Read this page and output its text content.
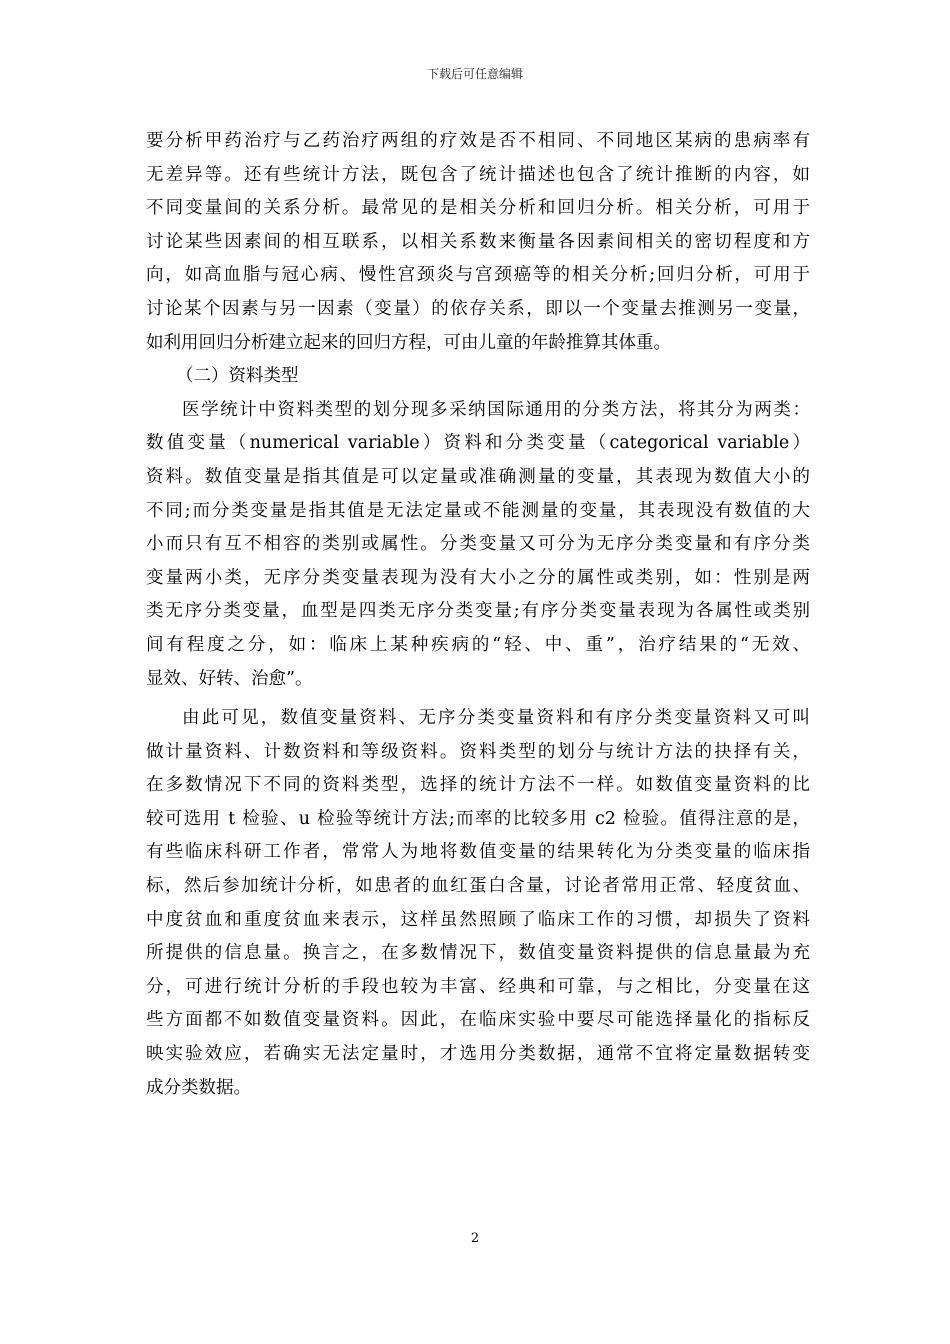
下载后可任意编辑
要分析甲药治疗与乙药治疗两组的疗效是否不相同、不同地区某病的患病率有
无差异等。还有些统计方法，既包含了统计描述也包含了统计推断的内容，如
不同变量间的关系分析。最常见的是相关分析和回归分析。相关分析，可用于
讨论某些因素间的相互联系，以相关系数来衡量各因素间相关的密切程度和方
向，如高血脂与冠心病、慢性宫颈炎与宫颈癌等的相关分析;回归分析，可用于
讨论某个因素与另一因素（变量）的依存关系，即以一个变量去推测另一变量，
如利用回归分析建立起来的回归方程，可由儿童的年龄推算其体重。
（二）资料类型
医学统计中资料类型的划分现多采纳国际通用的分类方法，将其分为两类：
数值变量（numerical variable）资料和分类变量（categorical variable）
资料。数值变量是指其值是可以定量或准确测量的变量，其表现为数值大小的
不同;而分类变量是指其值是无法定量或不能测量的变量，其表现没有数值的大
小而只有互不相容的类别或属性。分类变量又可分为无序分类变量和有序分类
变量两小类，无序分类变量表现为没有大小之分的属性或类别，如：性别是两
类无序分类变量，血型是四类无序分类变量;有序分类变量表现为各属性或类别
间有程度之分，如：临床上某种疾病的“轻、中、重”，治疗结果的“无效、
显效、好转、治愈”。
由此可见，数值变量资料、无序分类变量资料和有序分类变量资料又可叫
做计量资料、计数资料和等级资料。资料类型的划分与统计方法的抉择有关，
在多数情况下不同的资料类型，选择的统计方法不一样。如数值变量资料的比
较可选用 t 检验、u 检验等统计方法;而率的比较多用 c2 检验。值得注意的是，
有些临床科研工作者，常常人为地将数值变量的结果转化为分类变量的临床指
标，然后参加统计分析，如患者的血红蛋白含量，讨论者常用正常、轻度贫血、
中度贫血和重度贫血来表示，这样虽然照顾了临床工作的习惯，却损失了资料
所提供的信息量。换言之，在多数情况下，数值变量资料提供的信息量最为充
分，可进行统计分析的手段也较为丰富、经典和可靠，与之相比，分变量在这
些方面都不如数值变量资料。因此，在临床实验中要尽可能选择量化的指标反
映实验效应，若确实无法定量时，才选用分类数据，通常不宜将定量数据转变
成分类数据。
2
